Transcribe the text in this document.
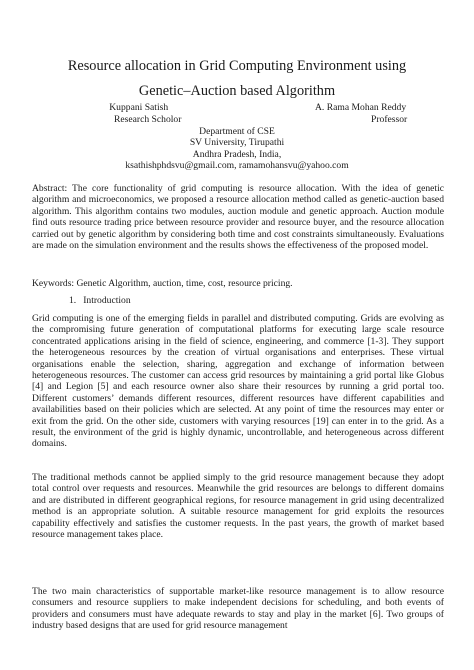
Resource allocation in Grid Computing Environment using
Genetic–Auction based Algorithm
Kuppani Satish
Research Scholor
A. Rama Mohan Reddy
Professor
Department of CSE
SV University, Tirupathi
Andhra Pradesh, India,
ksathishphdsvu@gmail.com, ramamohansvu@yahoo.com

Abstract: The core functionality of grid computing is resource allocation. With the idea of genetic algorithm and microeconomics, we proposed a resource allocation method called as genetic-auction based algorithm. This algorithm contains two modules, auction module and genetic approach. Auction module find outs resource trading price between resource provider and resource buyer, and the resource allocation carried out by genetic algorithm by considering both time and cost constraints simultaneously. Evaluations are made on the simulation environment and the results shows the effectiveness of the proposed model.

Keywords: Genetic Algorithm, auction, time, cost, resource pricing.

1. Introduction

Grid computing is one of the emerging fields in parallel and distributed computing. Grids are evolving as the compromising future generation of computational platforms for executing large scale resource concentrated applications arising in the field of science, engineering, and commerce [1-3]. They support the heterogeneous resources by the creation of virtual organisations and enterprises. These virtual organisations enable the selection, sharing, aggregation and exchange of information between heterogeneous resources. The customer can access grid resources by maintaining a grid portal like Globus [4] and Legion [5] and each resource owner also share their resources by running a grid portal too. Different customers’ demands different resources, different resources have different capabilities and availabilities based on their policies which are selected. At any point of time the resources may enter or exit from the grid. On the other side, customers with varying resources [19] can enter in to the grid. As a result, the environment of the grid is highly dynamic, uncontrollable, and heterogeneous across different domains.

The traditional methods cannot be applied simply to the grid resource management because they adopt total control over requests and resources. Meanwhile the grid resources are belongs to different domains and are distributed in different geographical regions, for resource management in grid using decentralized method is an appropriate solution. A suitable resource management for grid exploits the resources capability effectively and satisfies the customer requests. In the past years, the growth of market based resource management takes place.

The two main characteristics of supportable market-like resource management is to allow resource consumers and resource suppliers to make independent decisions for scheduling, and both events of providers and consumers must have adequate rewards to stay and play in the market [6]. Two groups of industry based designs that are used for grid resource management
